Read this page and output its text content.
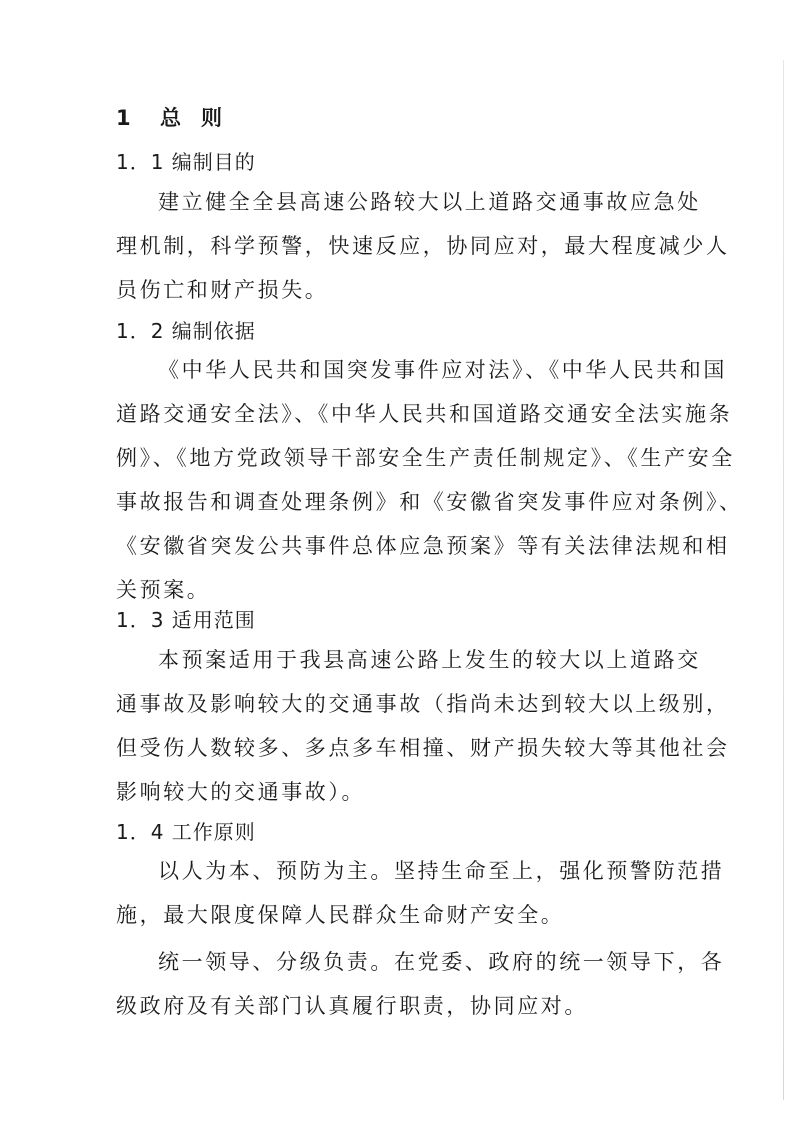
1 总 则
1．1 编制目的
建立健全全县高速公路较大以上道路交通事故应急处
理机制，科学预警，快速反应，协同应对，最大程度减少人
员伤亡和财产损失。
1．2 编制依据
《中华人民共和国突发事件应对法》、《中华人民共和国
道路交通安全法》、《中华人民共和国道路交通安全法实施条
例》、《地方党政领导干部安全生产责任制规定》、《生产安全
事故报告和调查处理条例》和《安徽省突发事件应对条例》、
《安徽省突发公共事件总体应急预案》等有关法律法规和相
关预案。
1．3 适用范围
本预案适用于我县高速公路上发生的较大以上道路交
通事故及影响较大的交通事故（指尚未达到较大以上级别，
但受伤人数较多、多点多车相撞、财产损失较大等其他社会
影响较大的交通事故）。
1．4 工作原则
以人为本、预防为主。坚持生命至上，强化预警防范措
施，最大限度保障人民群众生命财产安全。
统一领导、分级负责。在党委、政府的统一领导下，各
级政府及有关部门认真履行职责，协同应对。
